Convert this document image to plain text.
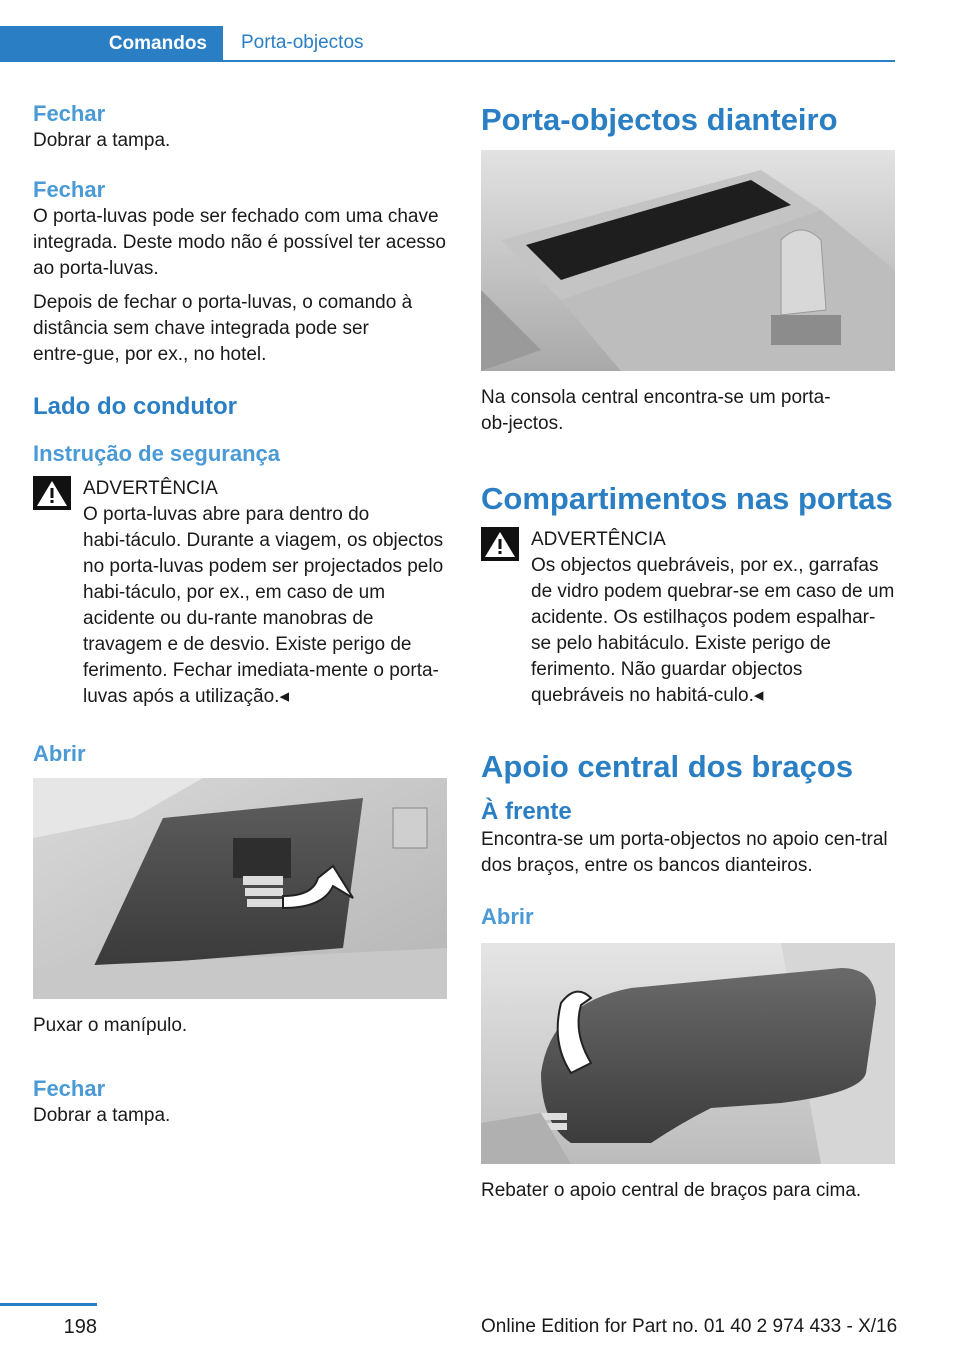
Comandos	Porta-objectos
Fechar

Dobrar a tampa.

Fechar

O porta-luvas pode ser fechado com uma chave integrada. Deste modo não é possível ter acesso ao porta-luvas.

Depois de fechar o porta-luvas, o comando à distância sem chave integrada pode ser entre‑gue, por ex., no hotel.

Lado do condutor
Instrução de segurança
ADVERTÊNCIA
O porta-luvas abre para dentro do habi‑táculo. Durante a viagem, os objectos no porta-luvas podem ser projectados pelo habi‑táculo, por ex., em caso de um acidente ou du‑rante manobras de travagem e de desvio. Existe perigo de ferimento. Fechar imediata‑mente o porta-luvas após a utilização.◂
Abrir

Puxar o manípulo.

Fechar

Dobrar a tampa.

Porta-objectos dianteiro

Na consola central encontra-se um porta-ob‑jectos.

Compartimentos nas portas
ADVERTÊNCIA
Os objectos quebráveis, por ex., garrafas de vidro podem quebrar-se em caso de um acidente. Os estilhaços podem espalhar-se pelo habitáculo. Existe perigo de ferimento. Não guardar objectos quebráveis no habitá‑culo.◂
Apoio central dos braços
À frente

Encontra-se um porta-objectos no apoio cen‑tral dos braços, entre os bancos dianteiros.

Abrir

Rebater o apoio central de braços para cima.

198	Online Edition for Part no. 01 40 2 974 433 - X/16
